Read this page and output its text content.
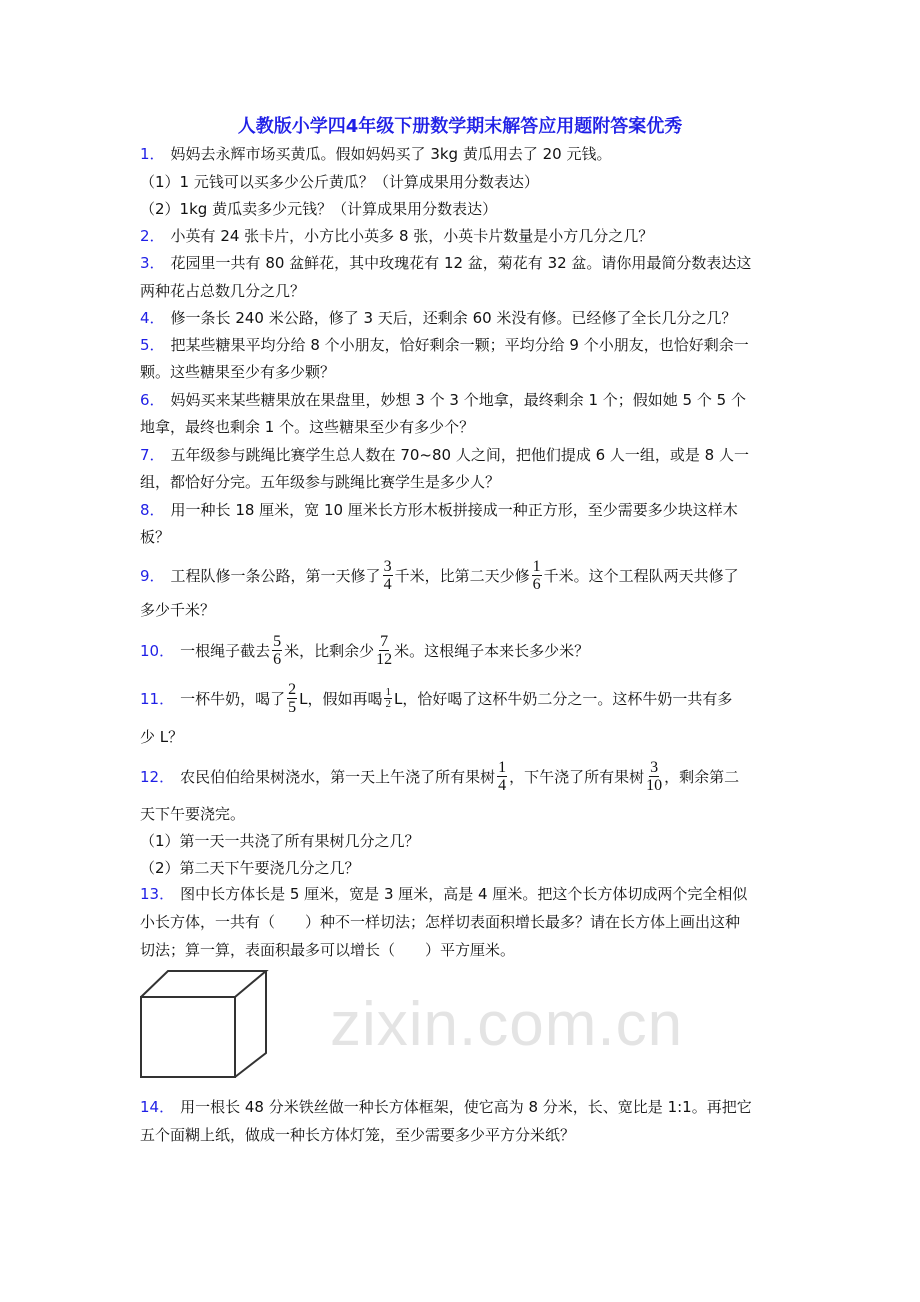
zixin.com.cn
人教版小学四4年级下册数学期末解答应用题附答案优秀
1． 妈妈去永辉市场买黄瓜。假如妈妈买了 3kg 黄瓜用去了 20 元钱。
（1）1 元钱可以买多少公斤黄瓜？（计算成果用分数表达）
（2）1kg 黄瓜卖多少元钱？（计算成果用分数表达）
2． 小英有 24 张卡片，小方比小英多 8 张，小英卡片数量是小方几分之几？
3． 花园里一共有 80 盆鲜花，其中玫瑰花有 12 盆，菊花有 32 盆。请你用最简分数表达这
两种花占总数几分之几？
4． 修一条长 240 米公路，修了 3 天后，还剩余 60 米没有修。已经修了全长几分之几？
5． 把某些糖果平均分给 8 个小朋友，恰好剩余一颗；平均分给 9 个小朋友，也恰好剩余一
颗。这些糖果至少有多少颗？
6． 妈妈买来某些糖果放在果盘里，妙想 3 个 3 个地拿，最终剩余 1 个；假如她 5 个 5 个
地拿，最终也剩余 1 个。这些糖果至少有多少个？
7． 五年级参与跳绳比赛学生总人数在 70~80 人之间，把他们提成 6 人一组，或是 8 人一
组，都恰好分完。五年级参与跳绳比赛学生是多少人？
8． 用一种长 18 厘米，宽 10 厘米长方形木板拼接成一种正方形，至少需要多少块这样木
板？
9． 工程队修一条公路，第一天修了 $\frac{3}{4}$ 千米，比第二天少修 $\frac{1}{6}$ 千米。这个工程队两天共修了
多少千米？
10． 一根绳子截去 $\frac{5}{6}$ 米，比剩余少 $\frac{7}{12}$ 米。这根绳子本来长多少米？
11． 一杯牛奶，喝了 $\frac{2}{5}$ L，假如再喝 $\frac{1}{2}$ L，恰好喝了这杯牛奶二分之一。这杯牛奶一共有多
少 L？
12． 农民伯伯给果树浇水，第一天上午浇了所有果树 $\frac{1}{4}$ ，下午浇了所有果树 $\frac{3}{10}$ ，剩余第二
天下午要浇完。
（1）第一天一共浇了所有果树几分之几？
（2）第二天下午要浇几分之几？
13． 图中长方体长是 5 厘米，宽是 3 厘米，高是 4 厘米。把这个长方体切成两个完全相似
小长方体，一共有（　　）种不一样切法；怎样切表面积增长最多？请在长方体上画出这种
切法；算一算，表面积最多可以增长（　　）平方厘米。
14． 用一根长 48 分米铁丝做一种长方体框架，使它高为 8 分米，长、宽比是 1:1。再把它
五个面糊上纸，做成一种长方体灯笼，至少需要多少平方分米纸？
